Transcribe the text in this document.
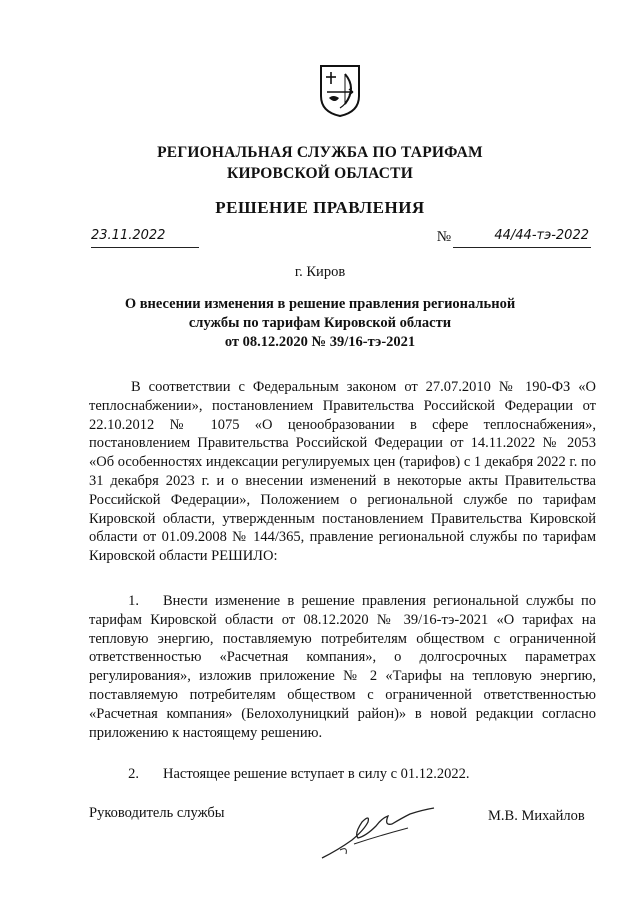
РЕГИОНАЛЬНАЯ СЛУЖБА ПО ТАРИФАМ
КИРОВСКОЙ ОБЛАСТИ
РЕШЕНИЕ ПРАВЛЕНИЯ
23.11.2022	№	44/44-тэ-2022
г. Киров
О внесении изменения в решение правления региональной
службы по тарифам Кировской области
от 08.12.2020 № 39/16-тэ-2021

В соответствии с Федеральным законом от 27.07.2010 № 190-ФЗ «О теплоснабжении», постановлением Правительства Российской Федерации от 22.10.2012 № 1075 «О ценообразовании в сфере теплоснабжения», постановлением Правительства Российской Федерации от 14.11.2022 № 2053 «Об особенностях индексации регулируемых цен (тарифов) с 1 декабря 2022 г. по 31 декабря 2023 г. и о внесении изменений в некоторые акты Правительства Российской Федерации», Положением о региональной службе по тарифам Кировской области, утвержденным постановлением Правительства Кировской области от 01.09.2008 № 144/365, правление региональной службы по тарифам Кировской области РЕШИЛО:

1. Внести изменение в решение правления региональной службы по тарифам Кировской области от 08.12.2020 № 39/16-тэ-2021 «О тарифах на тепловую энергию, поставляемую потребителям обществом с ограниченной ответственностью «Расчетная компания», о долгосрочных параметрах регулирования», изложив приложение № 2 «Тарифы на тепловую энергию, поставляемую потребителям обществом с ограниченной ответственностью «Расчетная компания» (Белохолуницкий район)» в новой редакции согласно приложению к настоящему решению.

2. Настоящее решение вступает в силу с 01.12.2022.

Руководитель службы	М.В. Михайлов
